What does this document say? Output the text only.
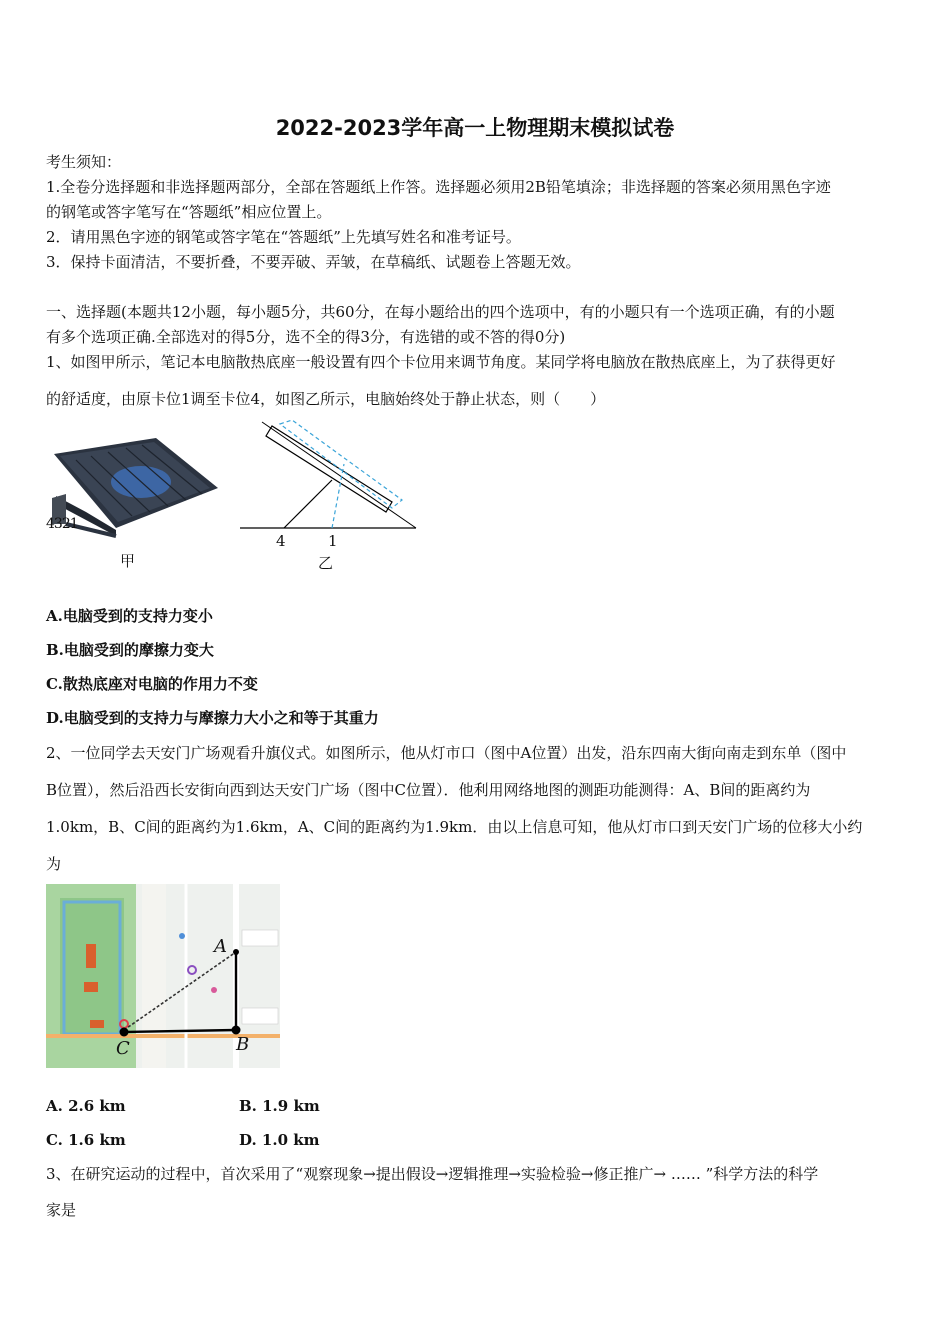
2022-2023学年高一上物理期末模拟试卷
考生须知：
1.全卷分选择题和非选择题两部分，全部在答题纸上作答。选择题必须用2B铅笔填涂；非选择题的答案必须用黑色字迹
的钢笔或答字笔写在“答题纸”相应位置上。
2．请用黑色字迹的钢笔或答字笔在“答题纸”上先填写姓名和准考证号。
3．保持卡面清洁，不要折叠，不要弄破、弄皱，在草稿纸、试题卷上答题无效。
一、选择题(本题共12小题，每小题5分，共60分，在每小题给出的四个选项中，有的小题只有一个选项正确，有的小题
有多个选项正确.全部选对的得5分，选不全的得3分，有选错的或不答的得0分)
1、如图甲所示，笔记本电脑散热底座一般设置有四个卡位用来调节角度。某同学将电脑放在散热底座上，为了获得更好
的舒适度，由原卡位1调至卡位4，如图乙所示，电脑始终处于静止状态，则（　　）
4321
甲
4	1
乙
A.电脑受到的支持力变小
B.电脑受到的摩擦力变大
C.散热底座对电脑的作用力不变
D.电脑受到的支持力与摩擦力大小之和等于其重力
2、一位同学去天安门广场观看升旗仪式。如图所示，他从灯市口（图中A位置）出发，沿东四南大街向南走到东单（图中
B位置），然后沿西长安街向西到达天安门广场（图中C位置）．他利用网络地图的测距功能测得：A、B间的距离约为
1.0km，B、C间的距离约为1.6km，A、C间的距离约为1.9km．由以上信息可知，他从灯市口到天安门广场的位移大小约
为
A
B
C
A. 2.6 km	B. 1.9 km
C. 1.6 km	D. 1.0 km
3、在研究运动的过程中，首次采用了“观察现象→提出假设→逻辑推理→实验检验→修正推广→ …… ”科学方法的科学
家是
